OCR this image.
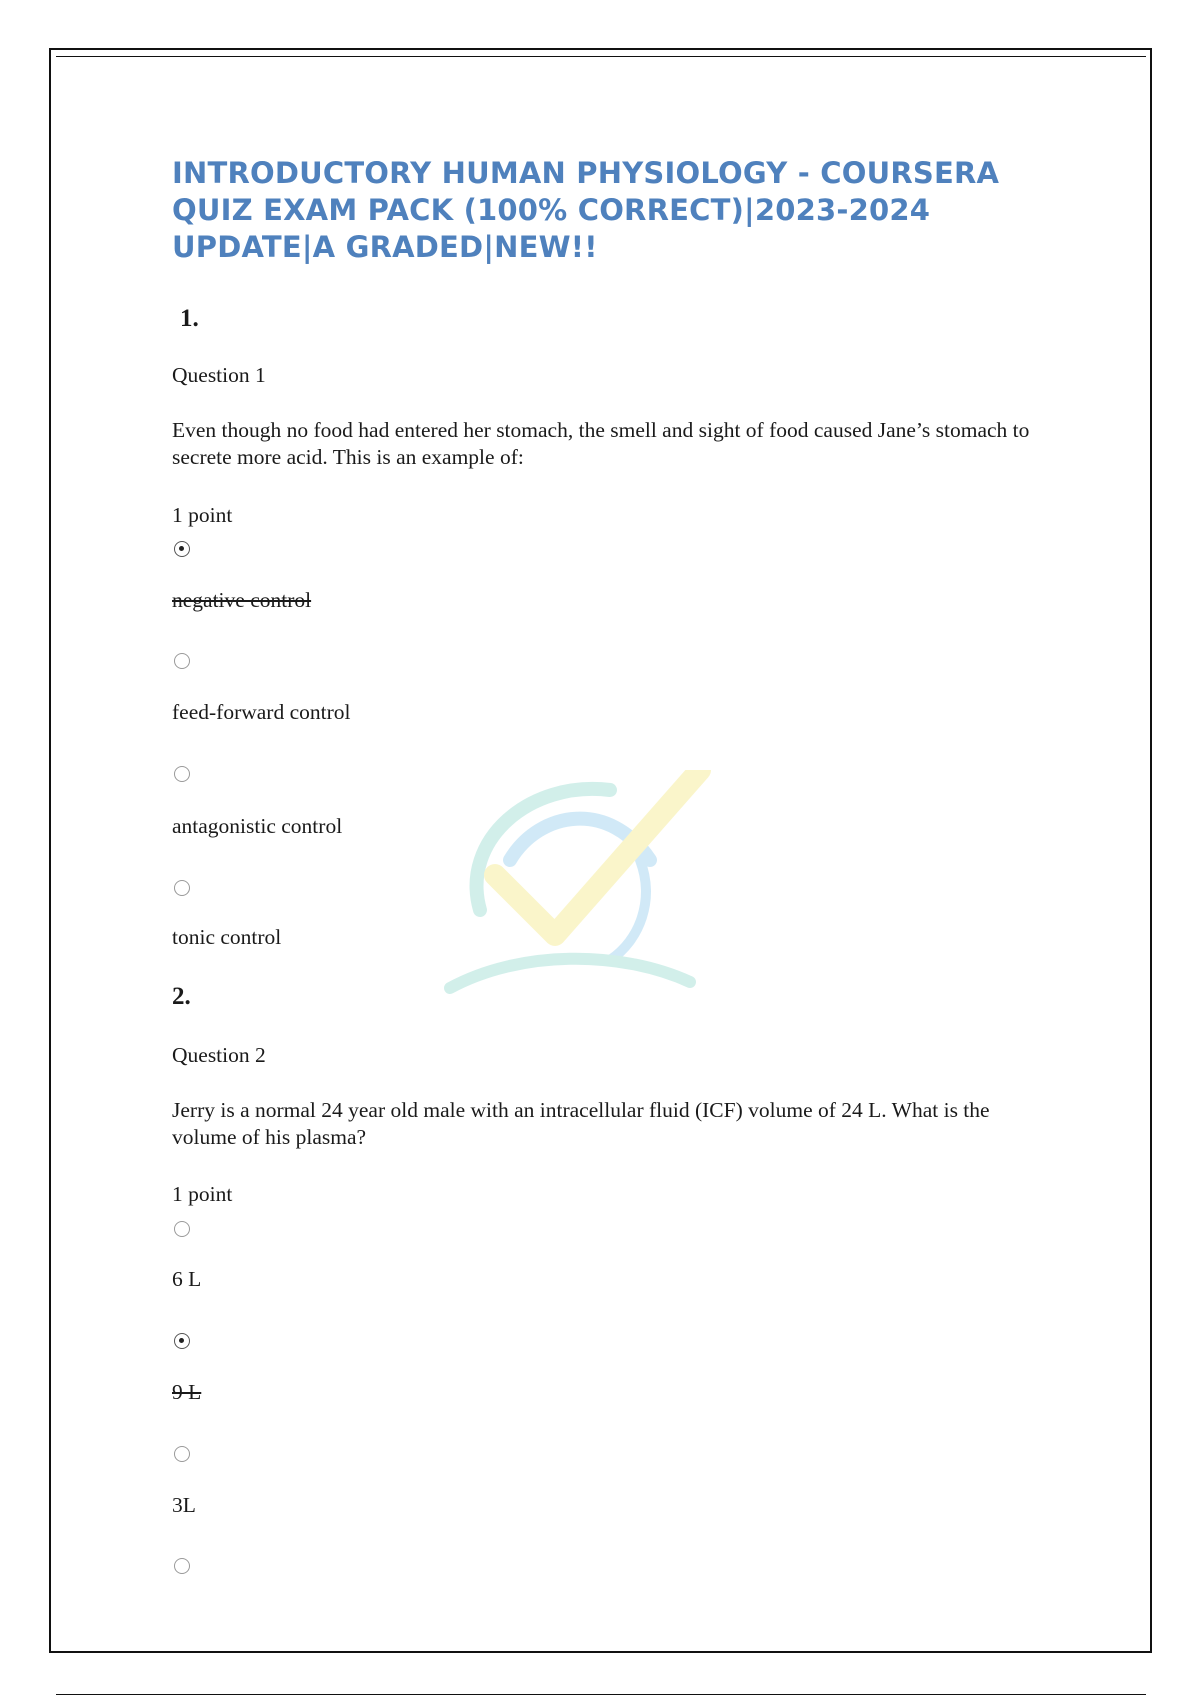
INTRODUCTORY HUMAN PHYSIOLOGY - COURSERA QUIZ EXAM PACK (100% CORRECT)|2023-2024 UPDATE|A GRADED|NEW!!

1.

Question 1

Even though no food had entered her stomach, the smell and sight of food caused Jane’s stomach to secrete more acid. This is an example of:

1 point

negative control

feed-forward control

antagonistic control

tonic control

2.

Question 2

Jerry is a normal 24 year old male with an intracellular fluid (ICF) volume of 24 L. What is the volume of his plasma?

1 point

6 L

9 L

3L
